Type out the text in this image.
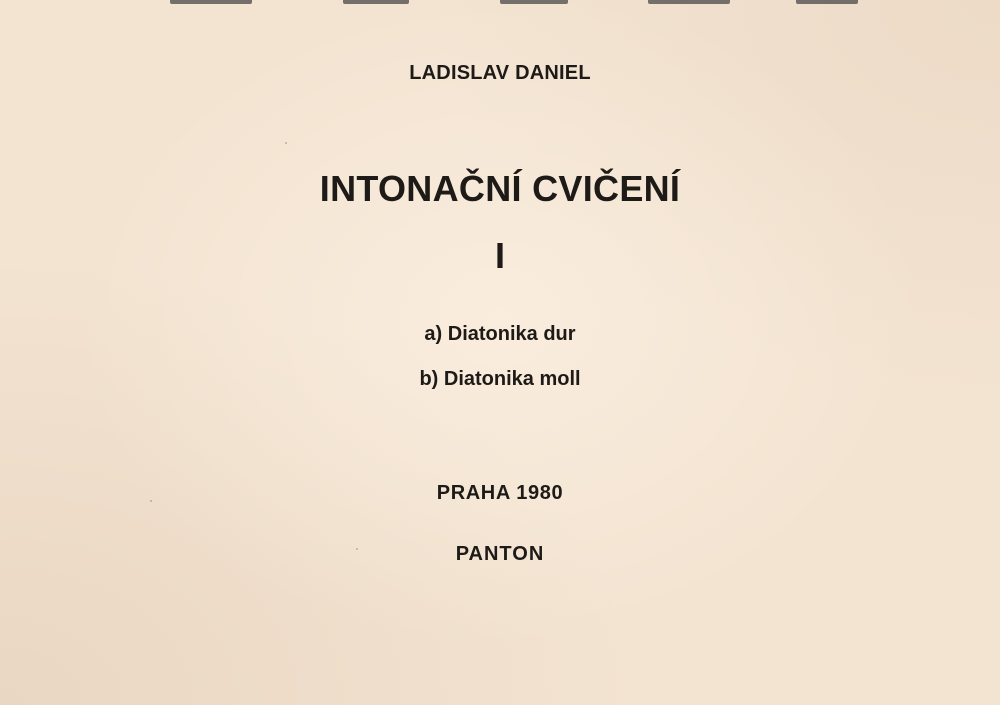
LADISLAV DANIEL
INTONAČNÍ CVIČENÍ
I
a) Diatonika dur
b) Diatonika moll
PRAHA 1980
PANTON
